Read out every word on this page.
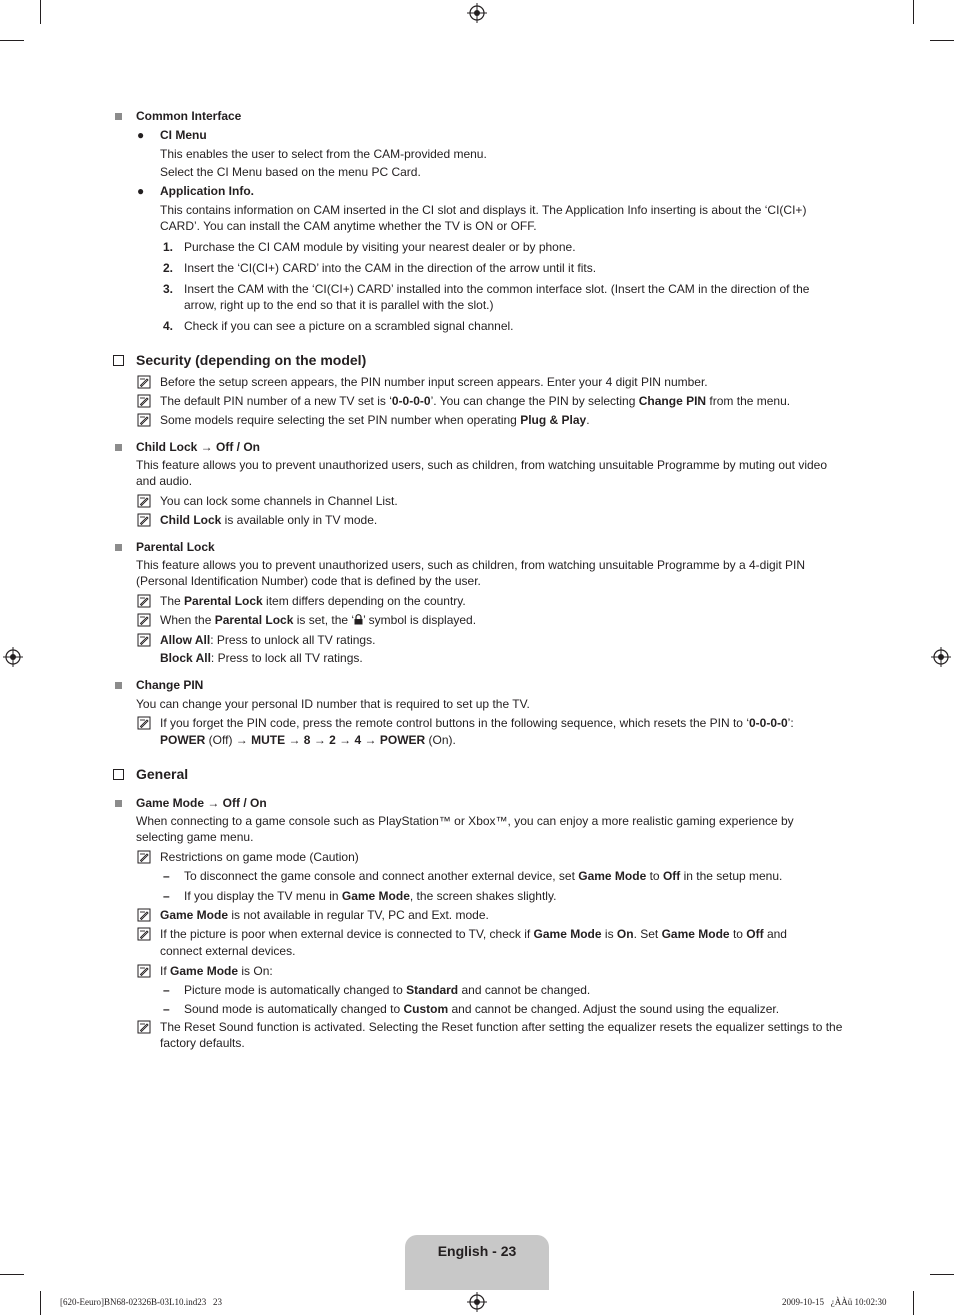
Common Interface
● CI Menu
This enables the user to select from the CAM-provided menu.
Select the CI Menu based on the menu PC Card.
● Application Info.
This contains information on CAM inserted in the CI slot and displays it. The Application Info inserting is about the ‘CI(CI+) CARD’. You can install the CAM anytime whether the TV is ON or OFF.
1. Purchase the CI CAM module by visiting your nearest dealer or by phone.
2. Insert the ‘CI(CI+) CARD’ into the CAM in the direction of the arrow until it fits.
3. Insert the CAM with the ‘CI(CI+) CARD’ installed into the common interface slot. (Insert the CAM in the direction of the arrow, right up to the end so that it is parallel with the slot.)
4. Check if you can see a picture on a scrambled signal channel.
Security (depending on the model)
Before the setup screen appears, the PIN number input screen appears. Enter your 4 digit PIN number.
The default PIN number of a new TV set is ‘0-0-0-0’. You can change the PIN by selecting Change PIN from the menu.
Some models require selecting the set PIN number when operating Plug & Play.
Child Lock → Off / On
This feature allows you to prevent unauthorized users, such as children, from watching unsuitable Programme by muting out video and audio.
You can lock some channels in Channel List.
Child Lock is available only in TV mode.
Parental Lock
This feature allows you to prevent unauthorized users, such as children, from watching unsuitable Programme by a 4-digit PIN (Personal Identification Number) code that is defined by the user.
The Parental Lock item differs depending on the country.
When the Parental Lock is set, the ‘ ’ symbol is displayed.
Allow All: Press to unlock all TV ratings.
Block All: Press to lock all TV ratings.
Change PIN
You can change your personal ID number that is required to set up the TV.
If you forget the PIN code, press the remote control buttons in the following sequence, which resets the PIN to ‘0-0-0-0’:
POWER (Off) → MUTE → 8 → 2 → 4 → POWER (On).
General
Game Mode → Off / On
When connecting to a game console such as PlayStation™ or Xbox™, you can enjoy a more realistic gaming experience by selecting game menu.
Restrictions on game mode (Caution)
– To disconnect the game console and connect another external device, set Game Mode to Off in the setup menu.
– If you display the TV menu in Game Mode, the screen shakes slightly.
Game Mode is not available in regular TV, PC and Ext. mode.
If the picture is poor when external device is connected to TV, check if Game Mode is On. Set Game Mode to Off and
connect external devices.
If Game Mode is On:
– Picture mode is automatically changed to Standard and cannot be changed.
– Sound mode is automatically changed to Custom and cannot be changed. Adjust the sound using the equalizer.
The Reset Sound function is activated. Selecting the Reset function after setting the equalizer resets the equalizer settings to the factory defaults.
English - 23
[620-Eeuro]BN68-02326B-03L10.ind23   23	2009-10-15   ¿ÀÀü 10:02:30
